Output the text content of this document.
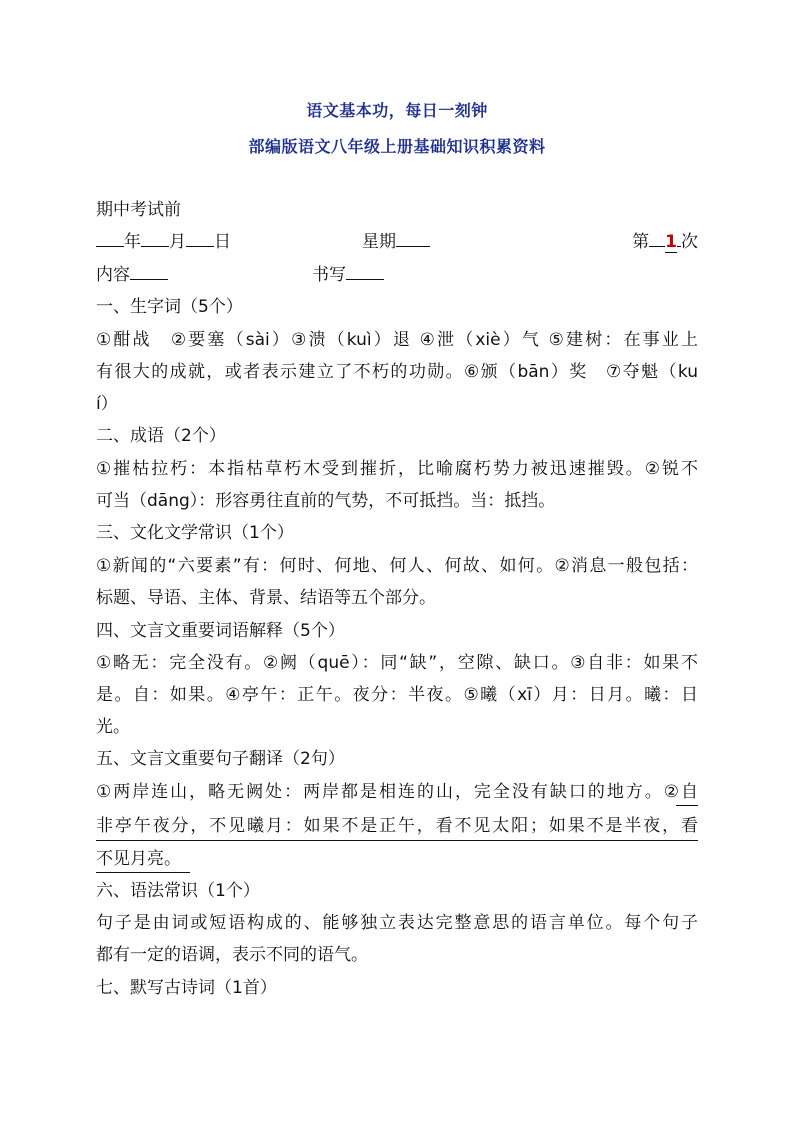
语文基本功，每日一刻钟
部编版语文八年级上册基础知识积累资料
期中考试前
年 月 日	星期	第 1 次
内容	书写
一、生字词（5个）
①酣战　②要塞（sài）③溃（kuì）退 ④泄（xiè）气 ⑤建树：在事业上
有很大的成就，或者表示建立了不朽的功勋。⑥颁（bān）奖　⑦夺魁（ku
í）
二、成语（2个）
①摧枯拉朽：本指枯草朽木受到摧折，比喻腐朽势力被迅速摧毁。②锐不
可当（dāng）：形容勇往直前的气势，不可抵挡。当：抵挡。
三、文化文学常识（1个）
①新闻的“六要素”有：何时、何地、何人、何故、如何。②消息一般包括：
标题、导语、主体、背景、结语等五个部分。
四、文言文重要词语解释（5个）
①略无：完全没有。②阙（quē）：同“缺”，空隙、缺口。③自非：如果不
是。自：如果。④亭午：正午。夜分：半夜。⑤曦（xī）月：日月。曦：日
光。
五、文言文重要句子翻译（2句）
①两岸连山，略无阙处：两岸都是相连的山，完全没有缺口的地方。②自
非亭午夜分，不见曦月：如果不是正午，看不见太阳；如果不是半夜，看
不见月亮。
六、语法常识（1个）
句子是由词或短语构成的、能够独立表达完整意思的语言单位。每个句子
都有一定的语调，表示不同的语气。
七、默写古诗词（1首）
